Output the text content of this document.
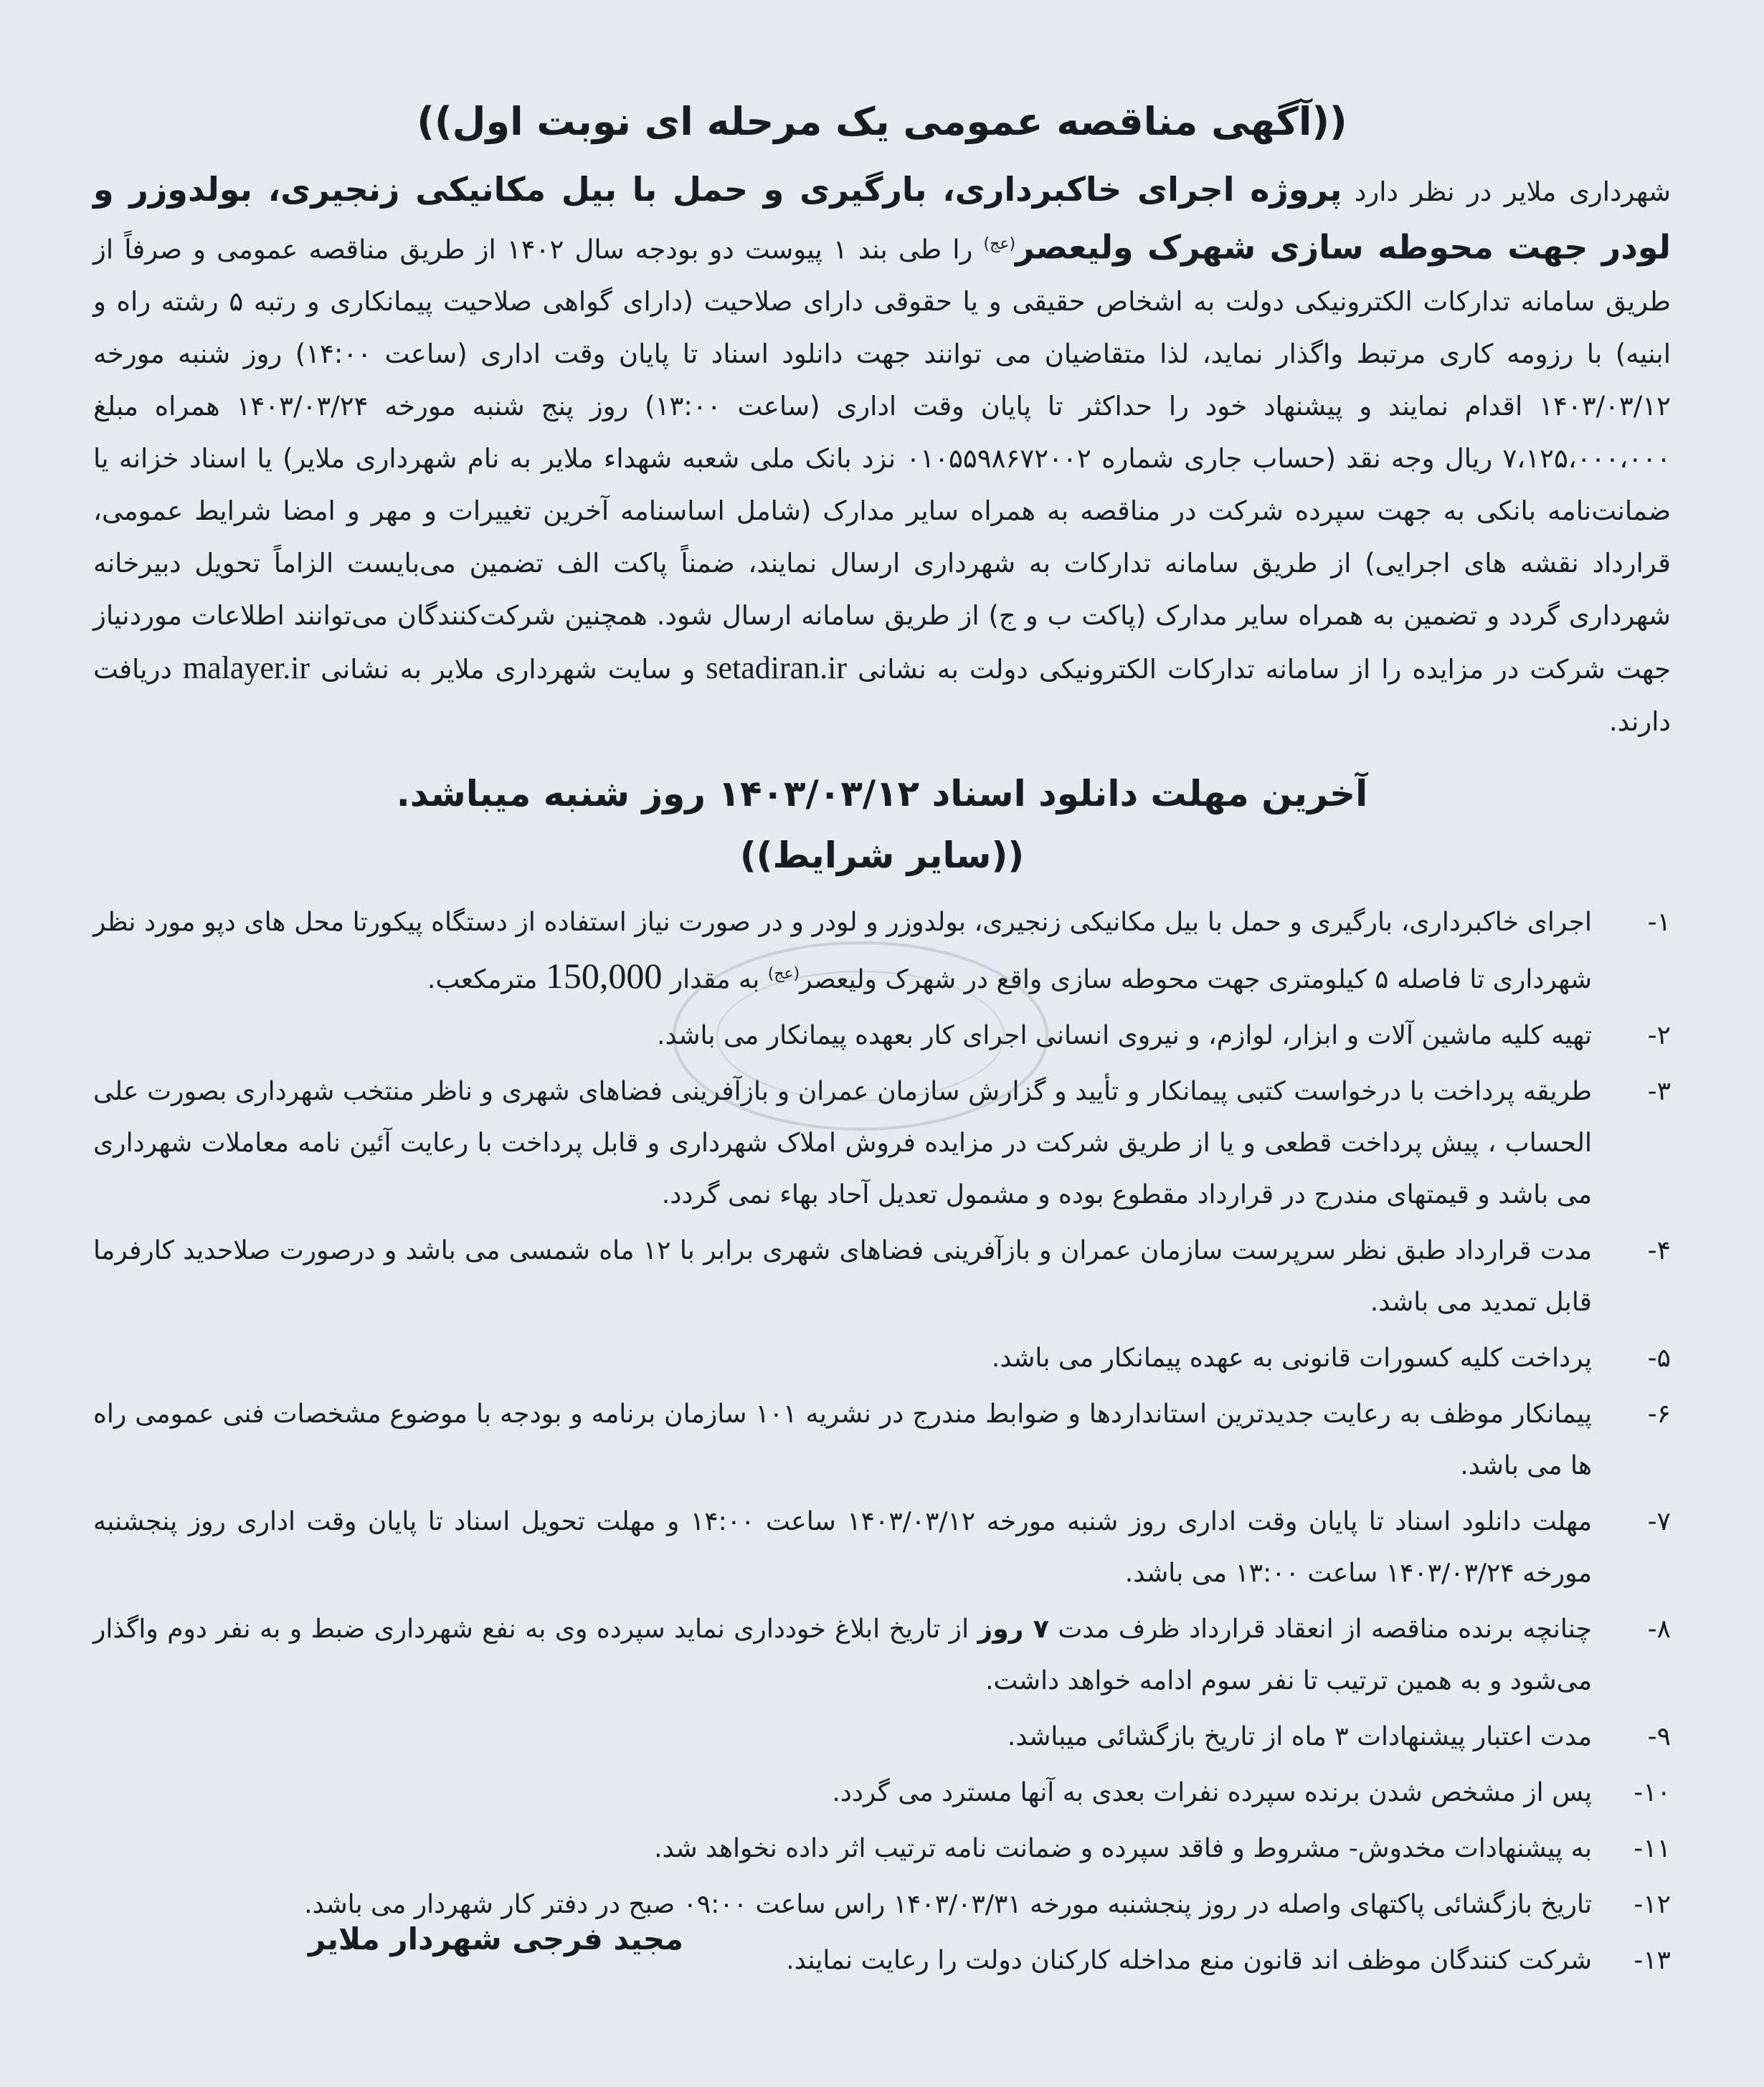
((آگهی مناقصه عمومی یک مرحله ای نوبت اول))

شهرداری ملایر در نظر دارد پروژه اجرای خاکبرداری، بارگیری و حمل با بیل مکانیکی زنجیری، بولدوزر و لودر جهت محوطه سازی شهرک ولیعصر$^{(عج)}$ را طی بند ۱ پیوست دو بودجه سال ۱۴۰۲ از طریق مناقصه عمومی و صرفاً از طریق سامانه تدارکات الکترونیکی دولت به اشخاص حقیقی و یا حقوقی دارای صلاحیت (دارای گواهی صلاحیت پیمانکاری و رتبه ۵ رشته راه و ابنیه) با رزومه کاری مرتبط واگذار نماید، لذا متقاضیان می توانند جهت دانلود اسناد تا پایان وقت اداری (ساعت ۱۴:۰۰) روز شنبه مورخه ۱۴۰۳/۰۳/۱۲ اقدام نمایند و پیشنهاد خود را حداکثر تا پایان وقت اداری (ساعت ۱۳:۰۰) روز پنج شنبه مورخه ۱۴۰۳/۰۳/۲۴ همراه مبلغ ۷،۱۲۵،۰۰۰،۰۰۰ ریال وجه نقد (حساب جاری شماره ۰۱۰۵۵۹۸۶۷۲۰۰۲ نزد بانک ملی شعبه شهداء ملایر به نام شهرداری ملایر) یا اسناد خزانه یا ضمانت‌نامه بانکی به جهت سپرده شرکت در مناقصه به همراه سایر مدارک (شامل اساسنامه آخرین تغییرات و مهر و امضا شرایط عمومی، قرارداد نقشه های اجرایی) از طریق سامانه تدارکات به شهرداری ارسال نمایند، ضمناً پاکت الف تضمین می‌بایست الزاماً تحویل دبیرخانه شهرداری گردد و تضمین به همراه سایر مدارک (پاکت ب و ج) از طریق سامانه ارسال شود. همچنین شرکت‌کنندگان می‌توانند اطلاعات موردنیاز جهت شرکت در مزایده را از سامانه تدارکات الکترونیکی دولت به نشانی setadiran.ir و سایت شهرداری ملایر به نشانی malayer.ir دریافت دارند.

آخرین مهلت دانلود اسناد ۱۴۰۳/۰۳/۱۲ روز شنبه میباشد.
((سایر شرایط))
۱-
اجرای خاکبرداری، بارگیری و حمل با بیل مکانیکی زنجیری، بولدوزر و لودر و در صورت نیاز استفاده از دستگاه پیکورتا محل های دپو مورد نظر شهرداری تا فاصله ۵ کیلومتری جهت محوطه سازی واقع در شهرک ولیعصر$^{(عج)}$ به مقدار 150,000 مترمکعب.
۲-
تهیه کلیه ماشین آلات و ابزار، لوازم، و نیروی انسانی اجرای کار بعهده پیمانکار می باشد.
۳-
طریقه پرداخت با درخواست کتبی پیمانکار و تأیید و گزارش سازمان عمران و بازآفرینی فضاهای شهری و ناظر منتخب شهرداری بصورت علی الحساب ، پیش پرداخت قطعی و یا از طریق شرکت در مزایده فروش املاک شهرداری و قابل پرداخت با رعایت آئین نامه معاملات شهرداری می باشد و قیمتهای مندرج در قرارداد مقطوع بوده و مشمول تعدیل آحاد بهاء نمی گردد.
۴-
مدت قرارداد طبق نظر سرپرست سازمان عمران و بازآفرینی فضاهای شهری برابر با ۱۲ ماه شمسی می باشد و درصورت صلاحدید کارفرما قابل تمدید می باشد.
۵-
پرداخت کلیه کسورات قانونی به عهده پیمانکار می باشد.
۶-
پیمانکار موظف به رعایت جدیدترین استانداردها و ضوابط مندرج در نشریه ۱۰۱ سازمان برنامه و بودجه با موضوع مشخصات فنی عمومی راه ها می باشد.
۷-
مهلت دانلود اسناد تا پایان وقت اداری روز شنبه مورخه ۱۴۰۳/۰۳/۱۲ ساعت ۱۴:۰۰ و مهلت تحویل اسناد تا پایان وقت اداری روز پنجشنبه مورخه ۱۴۰۳/۰۳/۲۴ ساعت ۱۳:۰۰ می باشد.
۸-
چنانچه برنده مناقصه از انعقاد قرارداد ظرف مدت ۷ روز از تاریخ ابلاغ خودداری نماید سپرده وی به نفع شهرداری ضبط و به نفر دوم واگذار می‌شود و به همین ترتیب تا نفر سوم ادامه خواهد داشت.
۹-
مدت اعتبار پیشنهادات ۳ ماه از تاریخ بازگشائی میباشد.
۱۰-
پس از مشخص شدن برنده سپرده نفرات بعدی به آنها مسترد می گردد.
۱۱-
به پیشنهادات مخدوش- مشروط و فاقد سپرده و ضمانت نامه ترتیب اثر داده نخواهد شد.
۱۲-
تاریخ بازگشائی پاکتهای واصله در روز پنجشنبه مورخه ۱۴۰۳/۰۳/۳۱ راس ساعت ۰۹:۰۰ صبح در دفتر کار شهردار می باشد.
۱۳-
شرکت کنندگان موظف اند قانون منع مداخله کارکنان دولت را رعایت نمایند.
مجید فرجی شهردار ملایر
